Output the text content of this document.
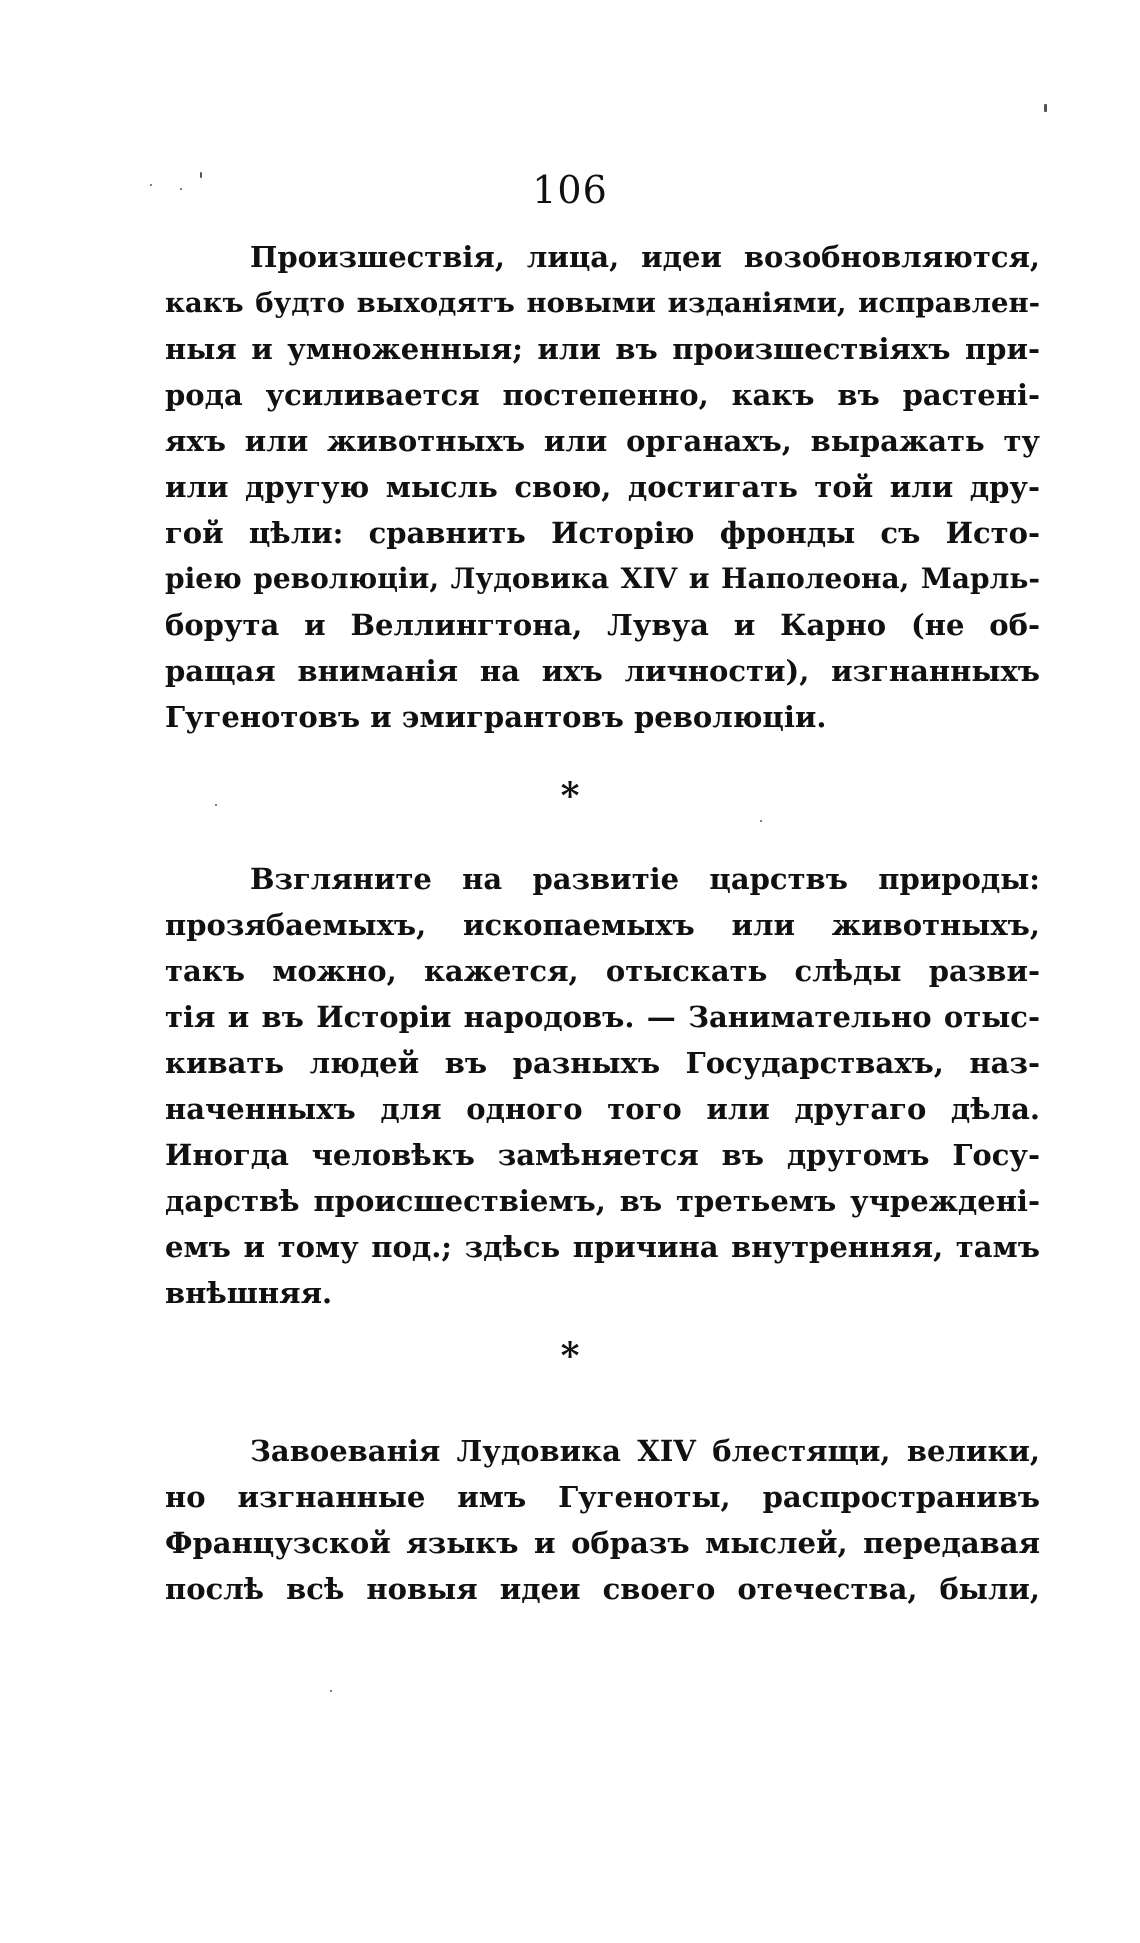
106
Произшествія, лица, идеи возобновляются,
какъ будто выходятъ новыми изданіями, исправлен-
ныя и умноженныя; или въ произшествіяхъ при-
рода усиливается постепенно, какъ въ растені-
яхъ или животныхъ или органахъ, выражать ту
или другую мысль свою, достигать той или дру-
гой цѣли: сравнить Исторію фронды съ Исто-
ріею революціи, Лудовика XIV и Наполеона, Марль-
борута и Веллингтона, Лувуа и Карно (не об-
ращая вниманія на ихъ личности), изгнанныхъ
Гугенотовъ и эмигрантовъ революціи.
*
Взгляните на развитіе царствъ природы:
прозябаемыхъ, ископаемыхъ или животныхъ,
такъ можно, кажется, отыскать слѣды разви-
тія и въ Исторіи народовъ. — Занимательно отыс-
кивать людей въ разныхъ Государствахъ, наз-
наченныхъ для одного того или другаго дѣла.
Иногда человѣкъ замѣняется въ другомъ Госу-
дарствѣ происшествіемъ, въ третьемъ учрежденi-
емъ и тому под.; здѣсь причина внутренняя, тамъ
внѣшняя.
*
Завоеванія Лудовика XIV блестящи, велики,
но изгнанные имъ Гугеноты, распространивъ
Французской языкъ и образъ мыслей, передавая
послѣ всѣ новыя идеи своего отечества, были,
